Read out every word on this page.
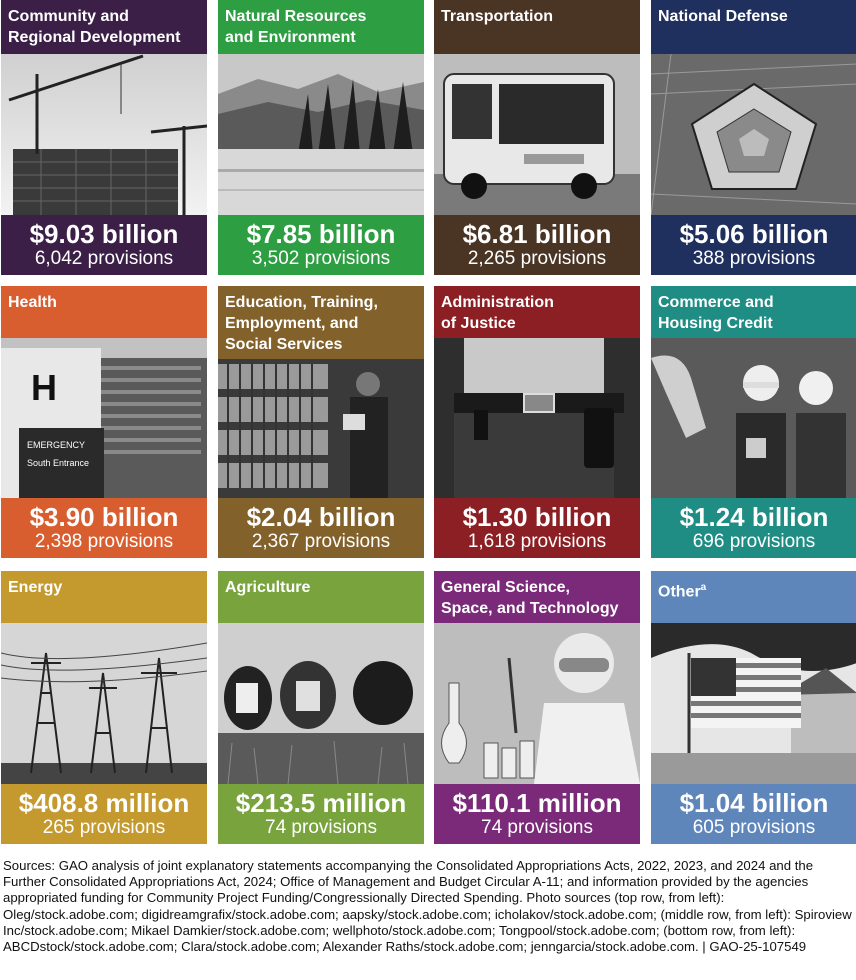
Community and
Regional Development
$9.03 billion
6,042 provisions
Natural Resources
and Environment
$7.85 billion
3,502 provisions
Transportation
$6.81 billion
2,265 provisions
National Defense
$5.06 billion
388 provisions
Health
H
EMERGENCY
South Entrance
$3.90 billion
2,398 provisions
Education, Training,
Employment, and
Social Services
$2.04 billion
2,367 provisions
Administration
of Justice
$1.30 billion
1,618 provisions
Commerce and
Housing Credit
$1.24 billion
696 provisions
Energy
$408.8 million
265 provisions
Agriculture
$213.5 million
74 provisions
General Science,
Space, and Technology
$110.1 million
74 provisions
Other$^a$
$1.04 billion
605 provisions

Sources: GAO analysis of joint explanatory statements accompanying the Consolidated Appropriations Acts, 2022, 2023, and 2024 and the Further Consolidated Appropriations Act, 2024; Office of Management and Budget Circular A-11; and information provided by the agencies appropriated funding for Community Project Funding/Congressionally Directed Spending. Photo sources (top row, from left): Oleg/stock.adobe.com; digidreamgrafix/stock.adobe.com; aapsky/stock.adobe.com; icholakov/stock.adobe.com; (middle row, from left): Spiroview Inc/stock.adobe.com; Mikael Damkier/stock.adobe.com; wellphoto/stock.adobe.com; Tongpool/stock.adobe.com; (bottom row, from left): ABCDstock/stock.adobe.com; Clara/stock.adobe.com; Alexander Raths/stock.adobe.com; jenngarcia/stock.adobe.com. | GAO-25-107549
